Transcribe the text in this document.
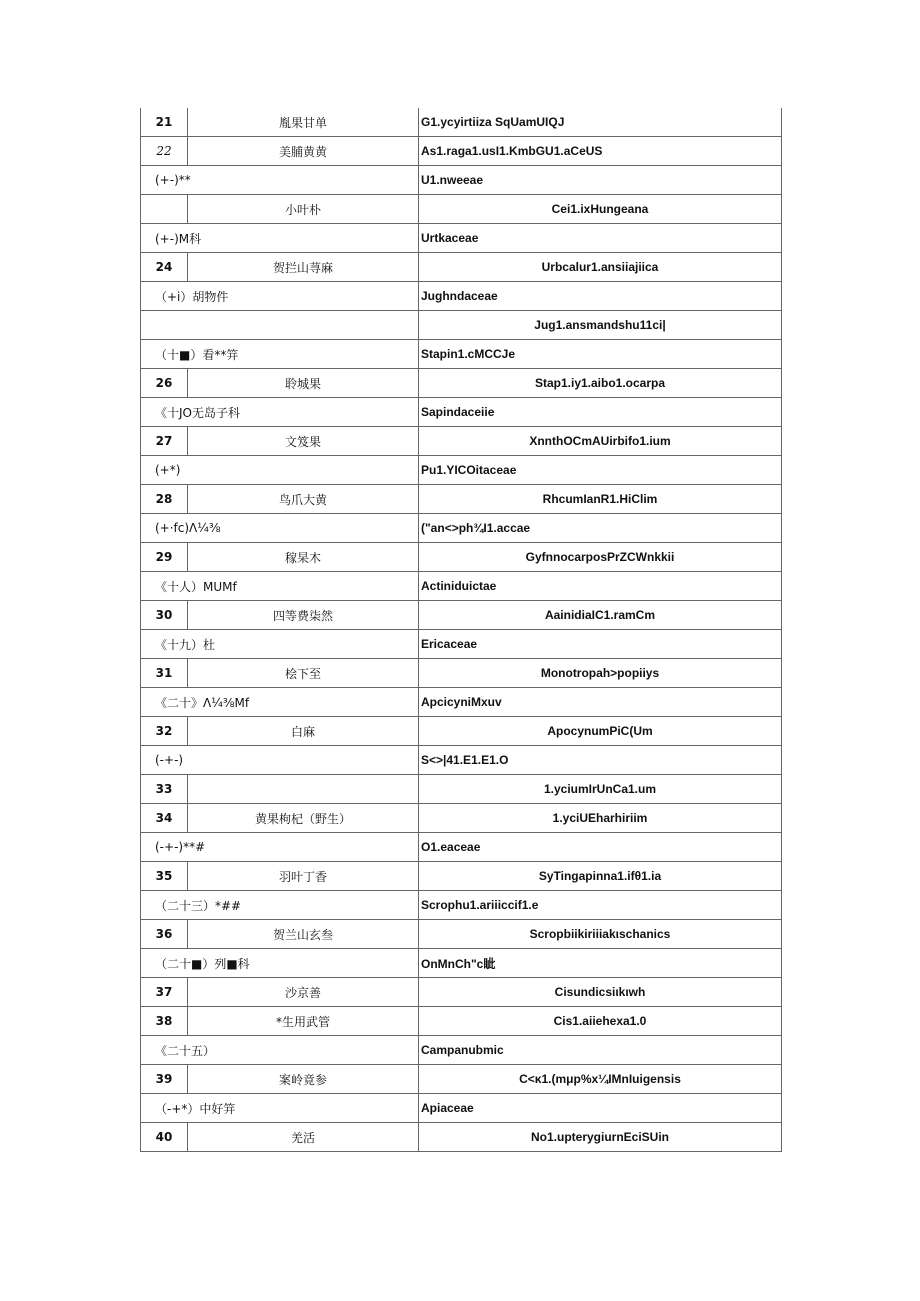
21	胤果甘单	G1.ycyirtiiza SqUamUIQJ
22	美脯黄黄	As1.raga1.usI1.KmbGU1.aCeUS
(+-)**		U1.nweeae
	小叶朴	Cei1.ixHungeana
(+-)M科		Urtkaceae
24	贺拦山荨麻	Urbcalur1.ansiiajiica
（+i）胡物件		Jughndaceae
		Jug1.ansmandshu11ci|
（十■）看**笄		Stapin1.cMCCJe
26	聆城果	Stap1.iy1.aibo1.ocarpa
《十JO无岛子科		Sapindaceiie
27	文笈果	XnnthOCmAUirbifo1.ium
(+*)		Pu1.YICOitaceae
28	鸟爪大黄	RhcumIanR1.HiClim
(+·fc)Λ¼⅜		("an<>ph¾I1.accae
29	稼杲木	GyfnnocarposPrZCWnkkii
《十人）MUMf		Actiniduictae
30	四等费柒然	AainidiaIC1.ramCm
《十九）杜		Ericaceae
31	桧下至	Monotropah>popiiys
《二十》Λ¼⅜Mf		ApcicyniMxuv
32	白麻	ApocynumPiC(Um
(-+-)		S<>|41.E1.E1.O
33		1.yciumIrUnCa1.um
34	黄果枸杞（野生）	1.yciUEharhiriim
(-+-)**#		O1.eaceae
35	羽叶丁香	SyTingapinna1.ifθ1.ia
（二十三）*##		Scrophu1.ariiiccif1.e
36	贺兰山玄叁	Scropbiikiriiiakιschanics
（二十■）列■科		OnMnCh"c眦
37	沙京善	Cisundicsiιkιwh
38	*生用武管	Cis1.aiiehexa1.0
《二十五）		Campanubmic
39	案岭竟参	C<κ1.(mμp%x¼IMnIuigensis
（-+*）中好笄		Apiaceae
40	羌活	No1.upterygiurnEciSUin
